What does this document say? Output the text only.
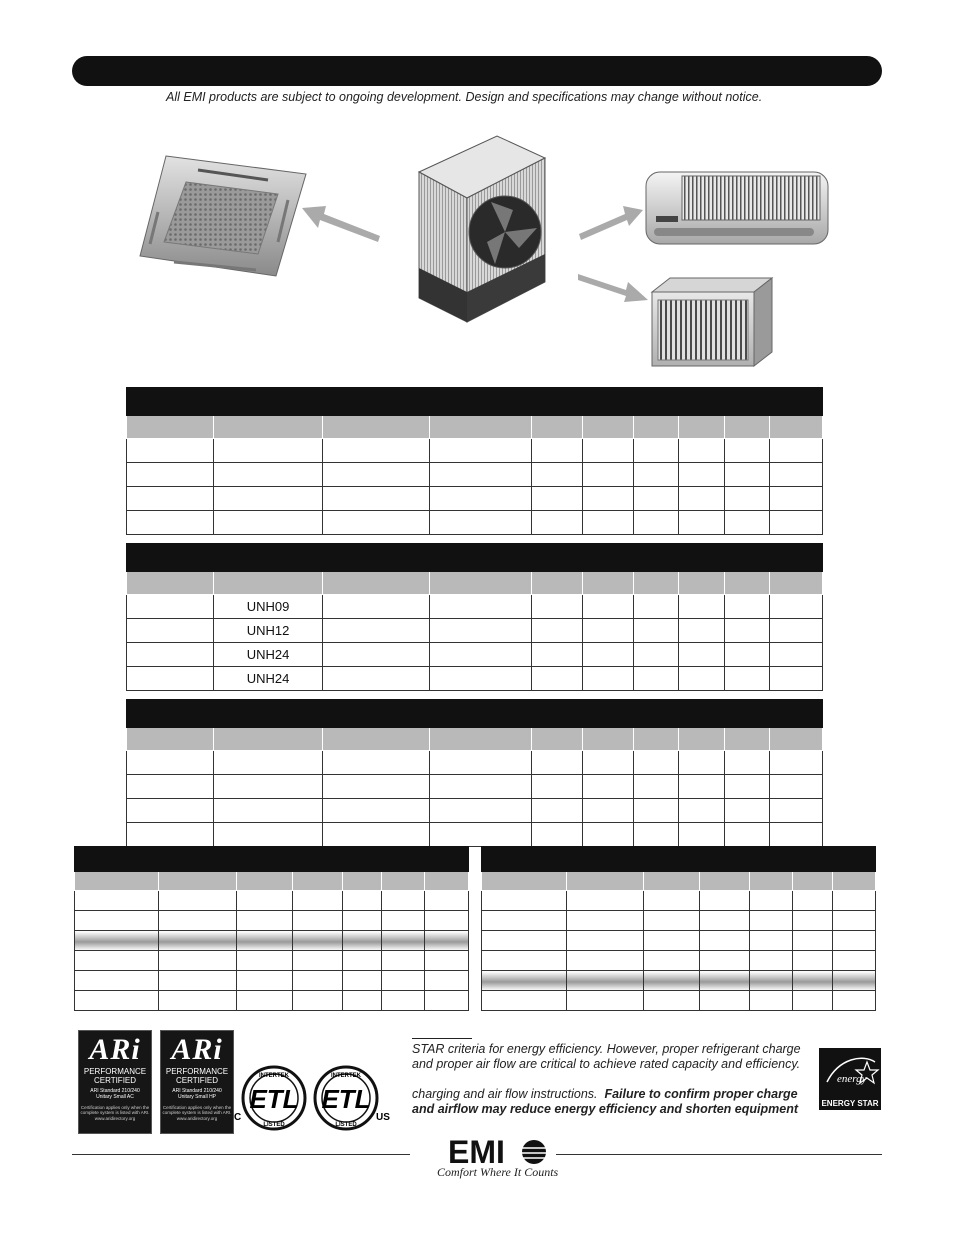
All EMI products are subject to ongoing development. Design and specifications may change without notice.

	UNH09								
	UNH12								
	UNH24								
	UNH24								

ARi
PERFORMANCE
CERTIFIED
ARI Standard 210/240
Unitary Small AC
Certification applies only when the complete system is listed with ARI.
www.aridirectory.org
ARi
PERFORMANCE
CERTIFIED
ARI Standard 210/240
Unitary Small HP
Certification applies only when the complete system is listed with ARI.
www.aridirectory.org
INTERTEK
ETL
LISTED
C
INTERTEK
ETL
LISTED
US

STAR criteria for energy efficiency. However, proper refrigerant charge

and proper air flow are critical to achieve rated capacity and efficiency.

charging and air flow instructions. Failure to confirm proper charge

and airflow may reduce energy efficiency and shorten equipment

energy
ENERGY STAR
EMI
Comfort Where It Counts
